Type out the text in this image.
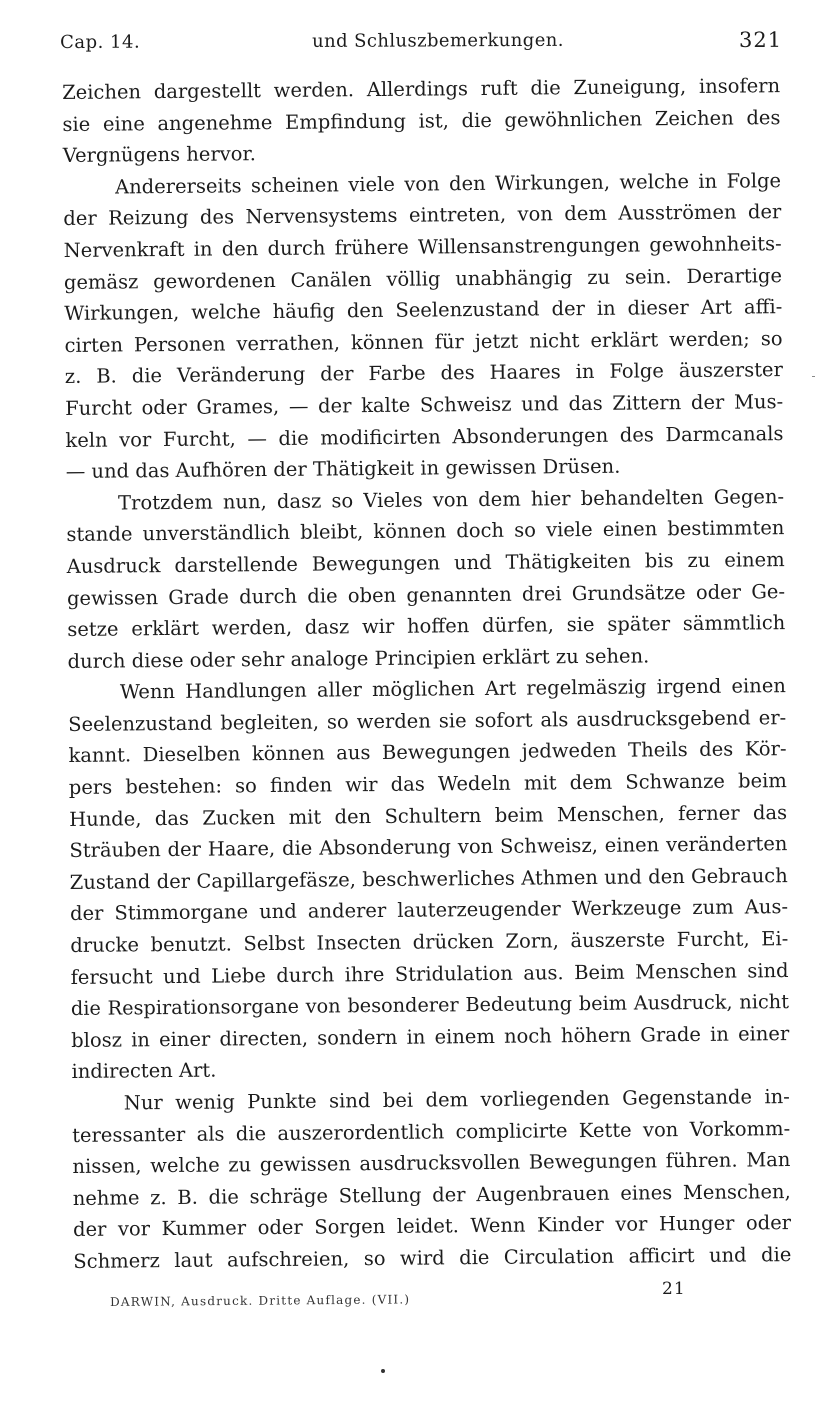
Cap. 14.	und Schluszbemerkungen.	321
Zeichen dargestellt werden. Allerdings ruft die Zuneigung, insofern
sie eine angenehme Empfindung ist, die gewöhnlichen Zeichen des
Vergnügens hervor.
Andererseits scheinen viele von den Wirkungen, welche in Folge
der Reizung des Nervensystems eintreten, von dem Ausströmen der
Nervenkraft in den durch frühere Willensanstrengungen gewohnheits-
gemäsz gewordenen Canälen völlig unabhängig zu sein. Derartige
Wirkungen, welche häufig den Seelenzustand der in dieser Art affi-
cirten Personen verrathen, können für jetzt nicht erklärt werden; so
z. B. die Veränderung der Farbe des Haares in Folge äuszerster
Furcht oder Grames, — der kalte Schweisz und das Zittern der Mus-
keln vor Furcht, — die modificirten Absonderungen des Darmcanals
— und das Aufhören der Thätigkeit in gewissen Drüsen.
Trotzdem nun, dasz so Vieles von dem hier behandelten Gegen-
stande unverständlich bleibt, können doch so viele einen bestimmten
Ausdruck darstellende Bewegungen und Thätigkeiten bis zu einem
gewissen Grade durch die oben genannten drei Grundsätze oder Ge-
setze erklärt werden, dasz wir hoffen dürfen, sie später sämmtlich
durch diese oder sehr analoge Principien erklärt zu sehen.
Wenn Handlungen aller möglichen Art regelmäszig irgend einen
Seelenzustand begleiten, so werden sie sofort als ausdrucksgebend er-
kannt. Dieselben können aus Bewegungen jedweden Theils des Kör-
pers bestehen: so finden wir das Wedeln mit dem Schwanze beim
Hunde, das Zucken mit den Schultern beim Menschen, ferner das
Sträuben der Haare, die Absonderung von Schweisz, einen veränderten
Zustand der Capillargefäsze, beschwerliches Athmen und den Gebrauch
der Stimmorgane und anderer lauterzeugender Werkzeuge zum Aus-
drucke benutzt. Selbst Insecten drücken Zorn, äuszerste Furcht, Ei-
fersucht und Liebe durch ihre Stridulation aus. Beim Menschen sind
die Respirationsorgane von besonderer Bedeutung beim Ausdruck, nicht
blosz in einer directen, sondern in einem noch höhern Grade in einer
indirecten Art.
Nur wenig Punkte sind bei dem vorliegenden Gegenstande in-
teressanter als die auszerordentlich complicirte Kette von Vorkomm-
nissen, welche zu gewissen ausdrucksvollen Bewegungen führen. Man
nehme z. B. die schräge Stellung der Augenbrauen eines Menschen,
der vor Kummer oder Sorgen leidet. Wenn Kinder vor Hunger oder
Schmerz laut aufschreien, so wird die Circulation afficirt und die
DARWIN, Ausdruck. Dritte Auflage. (VII.)
21
